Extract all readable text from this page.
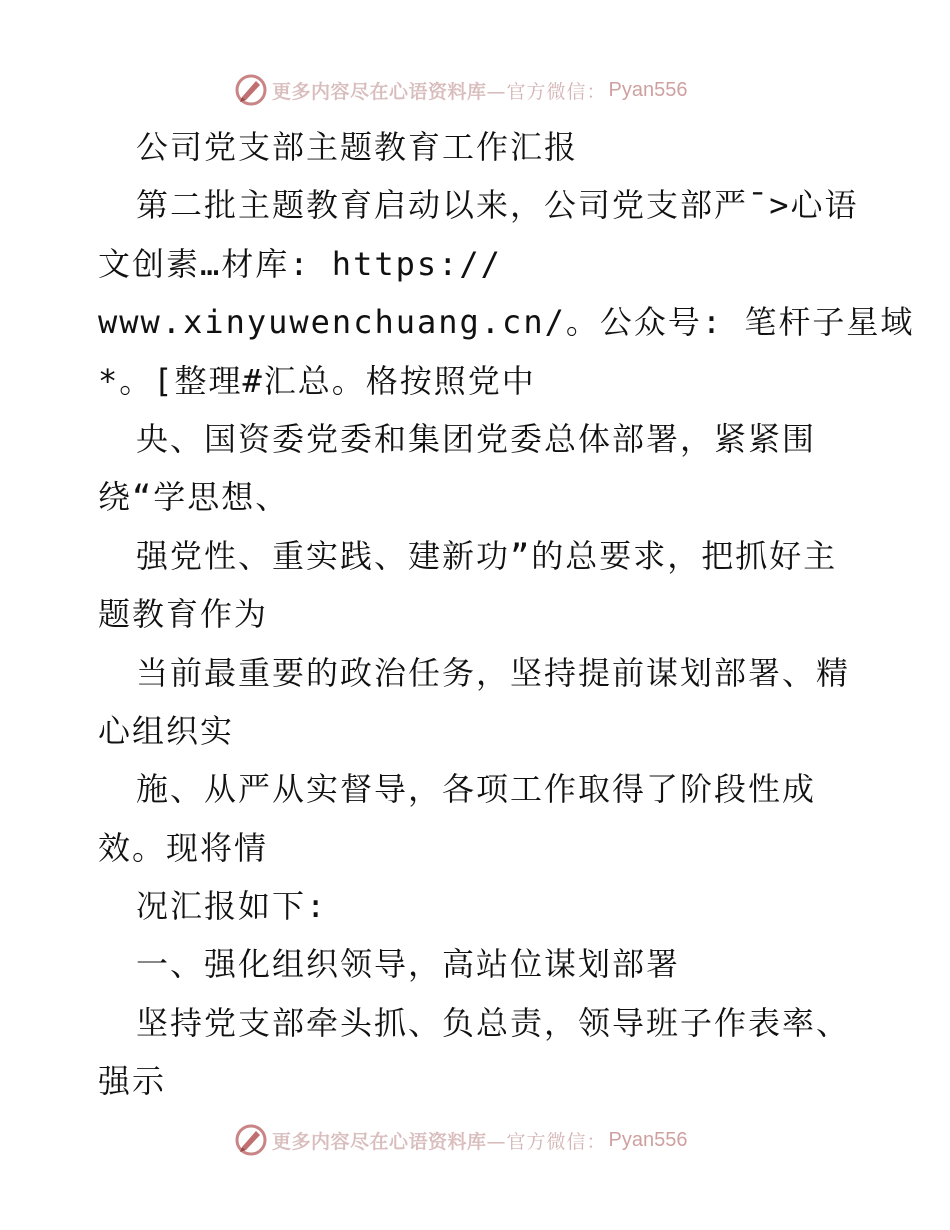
更多内容尽在心语资料库 —官方微信： Pyan556
公司党支部主题教育工作汇报
第二批主题教育启动以来，公司党支部严¯>心语
文创素…材库: https://
www.xinyuwenchuang.cn/。公众号: 笔杆子星域
*。[整理#汇总。格按照党中
央、国资委党委和集团党委总体部署，紧紧围
绕“学思想、
强党性、重实践、建新功”的总要求，把抓好主
题教育作为
当前最重要的政治任务，坚持提前谋划部署、精
心组织实
施、从严从实督导，各项工作取得了阶段性成
效。现将情
况汇报如下:
一、强化组织领导，高站位谋划部署
坚持党支部牵头抓、负总责，领导班子作表率、
强示
更多内容尽在心语资料库 —官方微信： Pyan556
